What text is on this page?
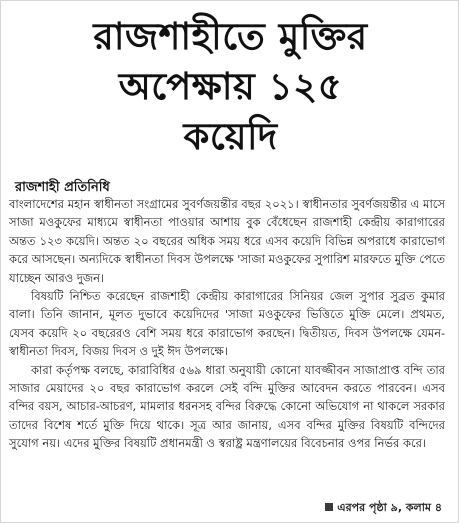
রাজশাহীতে মুক্তির
অপেক্ষায় ১২৫
কয়েদি
রাজশাহী প্রতিনিধি

বাংলাদেশের মহান স্বাধীনতা সংগ্রামের সুবর্ণজয়ন্তীর বছর ২০২১। স্বাধীনতার সুবর্ণজয়ন্তীর এ মাসে সাজা মওকুফের মাধ্যমে স্বাধীনতা পাওয়ার আশায় বুক বেঁধেছেন রাজশাহী কেন্দ্রীয় কারাগারের অন্তত ১২৩ কয়েদি। অন্তত ২০ বছরের অধিক সময় ধরে এসব কয়েদি বিভিন্ন অপরাধে কারাভোগ করে আসছেন। অন্যদিকে স্বাধীনতা দিবস উপলক্ষে 'সাজা মওকুফের সুপারিশ মারফতে মুক্তি পেতে যাচ্ছেন আরও দুজন।

বিষয়টি নিশ্চিত করেছেন রাজশাহী কেন্দ্রীয় কারাগারের সিনিয়র জেল সুপার সুব্রত কুমার বালা। তিনি জানান, মূলত দুভাবে কয়েদিদের 'সাজা মওকুফের ভিত্তিতে মুক্তি মেলে। প্রথমত, যেসব কয়েদি ২০ বছরেরও বেশি সময় ধরে কারাভোগ করছেন। দ্বিতীয়ত, দিবস উপলক্ষে যেমন- স্বাধীনতা দিবস, বিজয় দিবস ও দুই ঈদ উপলক্ষে।

কারা কর্তৃপক্ষ বলছে, কারাবিধির ৫৬৯ ধারা অনুযায়ী কোনো যাবজ্জীবন সাজাপ্রাপ্ত বন্দি তার সাজার মেয়াদের ২০ বছর কারাভোগ করলে সেই বন্দি মুক্তির আবেদন করতে পারবেন। এসব বন্দির বয়স, আচার-আচরণ, মামলার ধরনসহ বন্দির বিরুদ্ধে কোনো অভিযোগ না থাকলে সরকার তাদের বিশেষ শর্তে মুক্তি দিয়ে থাকে। সূত্র আর জানায়, এসব বন্দির মুক্তির বিষয়টি বন্দিদের সুযোগ নয়। এদের মুক্তির বিষয়টি প্রধানমন্ত্রী ও স্বরাষ্ট্র মন্ত্রণালয়ের বিবেচনার ওপর নির্ভর করে।

এরপর পৃষ্ঠা ৯, কলাম ৪
